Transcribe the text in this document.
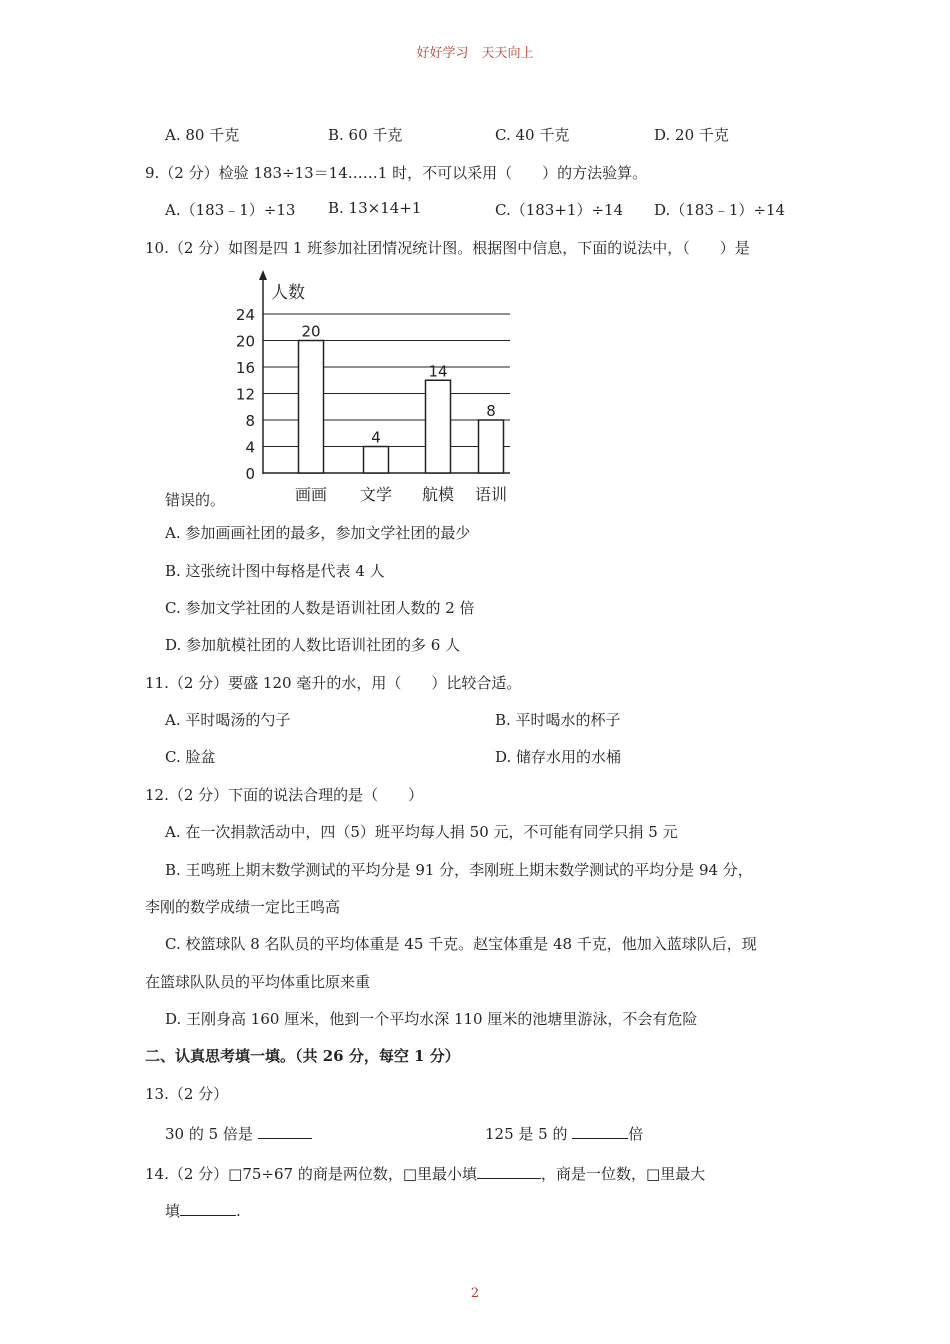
好好学习　天天向上
A. 80 千克	B. 60 千克	C. 40 千克	D. 20 千克
9.（2 分）检验 183÷13＝14……1 时，不可以采用（　　）的方法验算。
A.（183﹣1）÷13 B. 13×14+1	C.（183+1）÷14 D.（183﹣1）÷14
10.（2 分）如图是四 1 班参加社团情况统计图。根据图中信息，下面的说法中，（　　）是
人数
0
4
8
12
16
20
24
20
4
14
8
画画 文学 航模 语训
错误的。
A. 参加画画社团的最多，参加文学社团的最少
B. 这张统计图中每格是代表 4 人
C. 参加文学社团的人数是语训社团人数的 2 倍
D. 参加航模社团的人数比语训社团的多 6 人
11.（2 分）要盛 120 毫升的水，用（　　）比较合适。
A. 平时喝汤的勺子	B. 平时喝水的杯子
C. 脸盆	D. 储存水用的水桶
12.（2 分）下面的说法合理的是（　　）
A. 在一次捐款活动中，四（5）班平均每人捐 50 元，不可能有同学只捐 5 元
B. 王鸣班上期末数学测试的平均分是 91 分，李刚班上期末数学测试的平均分是 94 分，
李刚的数学成绩一定比王鸣高
C. 校篮球队 8 名队员的平均体重是 45 千克。赵宝体重是 48 千克，他加入蓝球队后，现
在篮球队队员的平均体重比原来重
D. 王刚身高 160 厘米，他到一个平均水深 110 厘米的池塘里游泳，不会有危险
二、认真思考填一填。（共 26 分，每空 1 分）
13.（2 分）
30 的 5 倍是	125 是 5 的	倍
14.（2 分）□75÷67 的商是两位数，□里最小填	，商是一位数，□里最大
填	.
2
